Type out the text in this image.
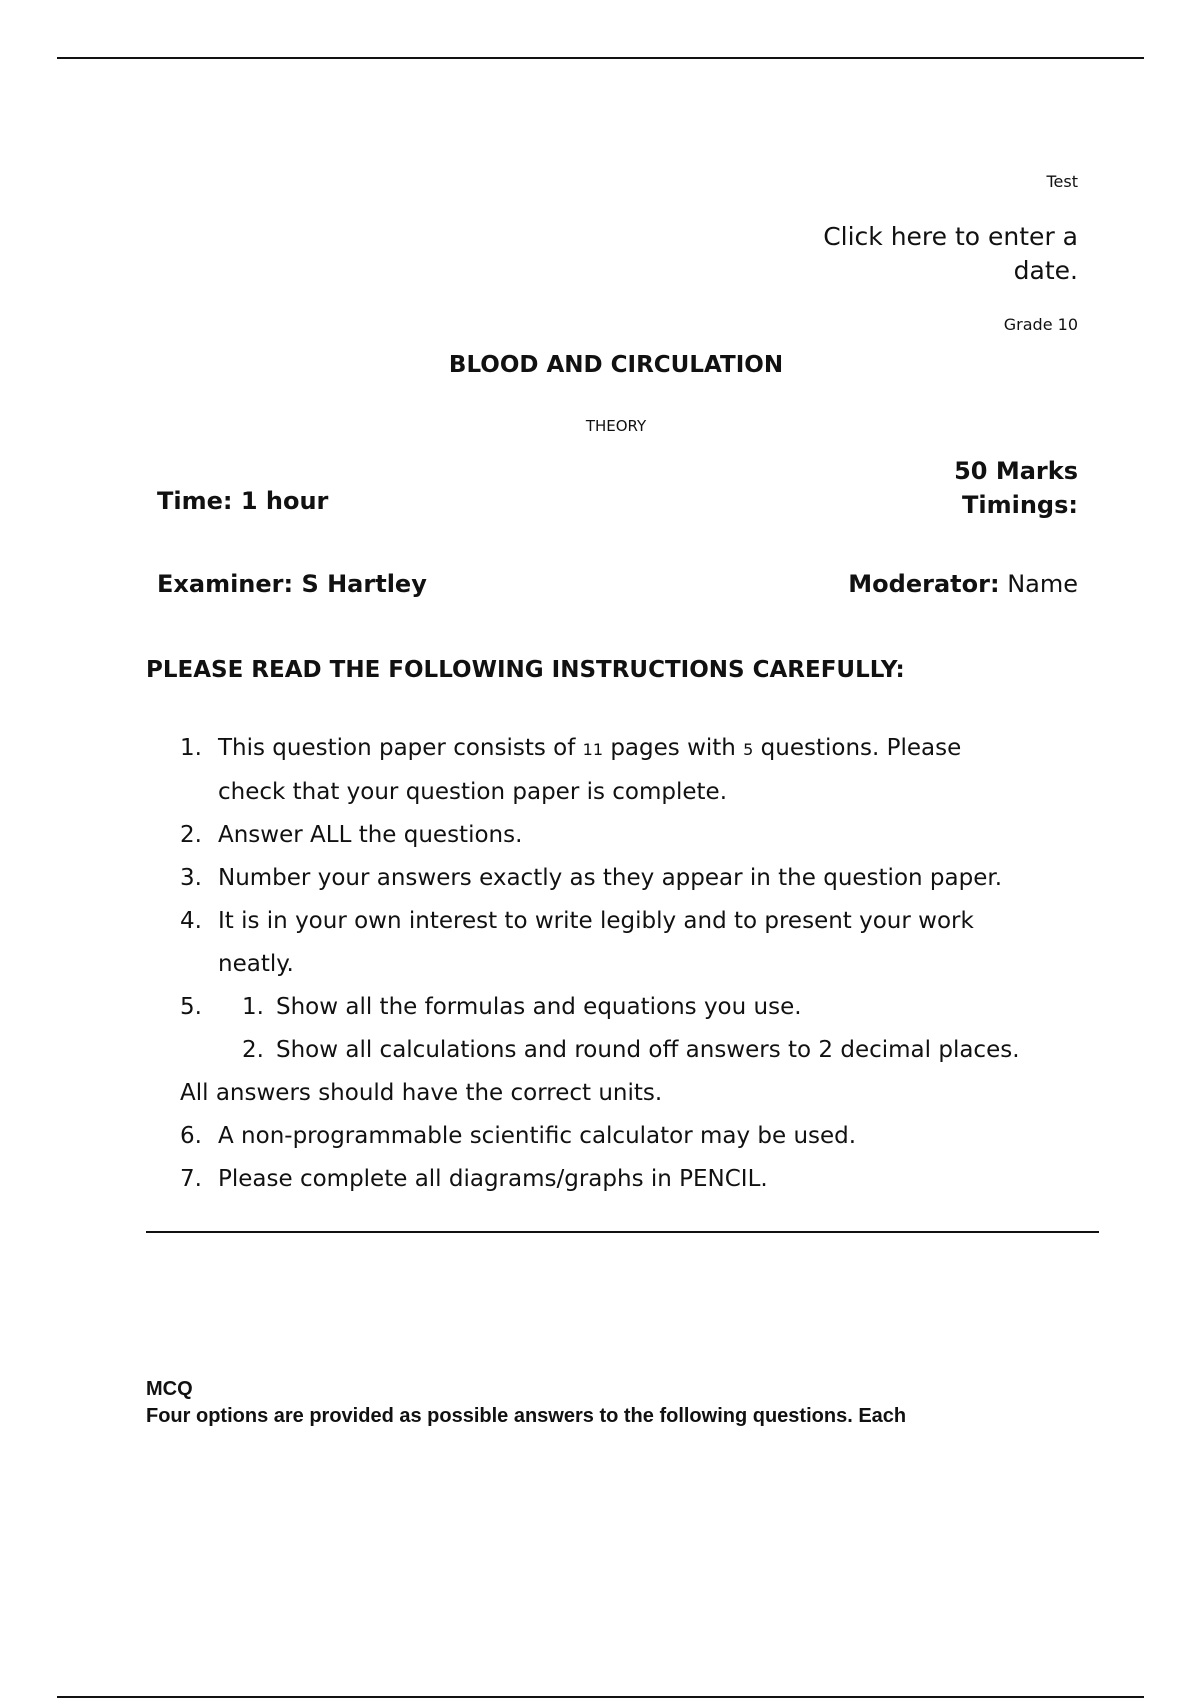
Test
Click here to enter a
date.
Grade 10
BLOOD AND CIRCULATION
THEORY
50 Marks
Timings:
Time: 1 hour
Examiner: S Hartley	Moderator: Name
PLEASE READ THE FOLLOWING INSTRUCTIONS CAREFULLY:
1. This question paper consists of 11 pages with 5 questions. Please
check that your question paper is complete.
2. Answer ALL the questions.
3. Number your answers exactly as they appear in the question paper.
4. It is in your own interest to write legibly and to present your work
neatly.
5. 1. Show all the formulas and equations you use.
2. Show all calculations and round off answers to 2 decimal places.
All answers should have the correct units.
6. A non-programmable scientific calculator may be used.
7. Please complete all diagrams/graphs in PENCIL.
MCQ
Four options are provided as possible answers to the following questions. Each
